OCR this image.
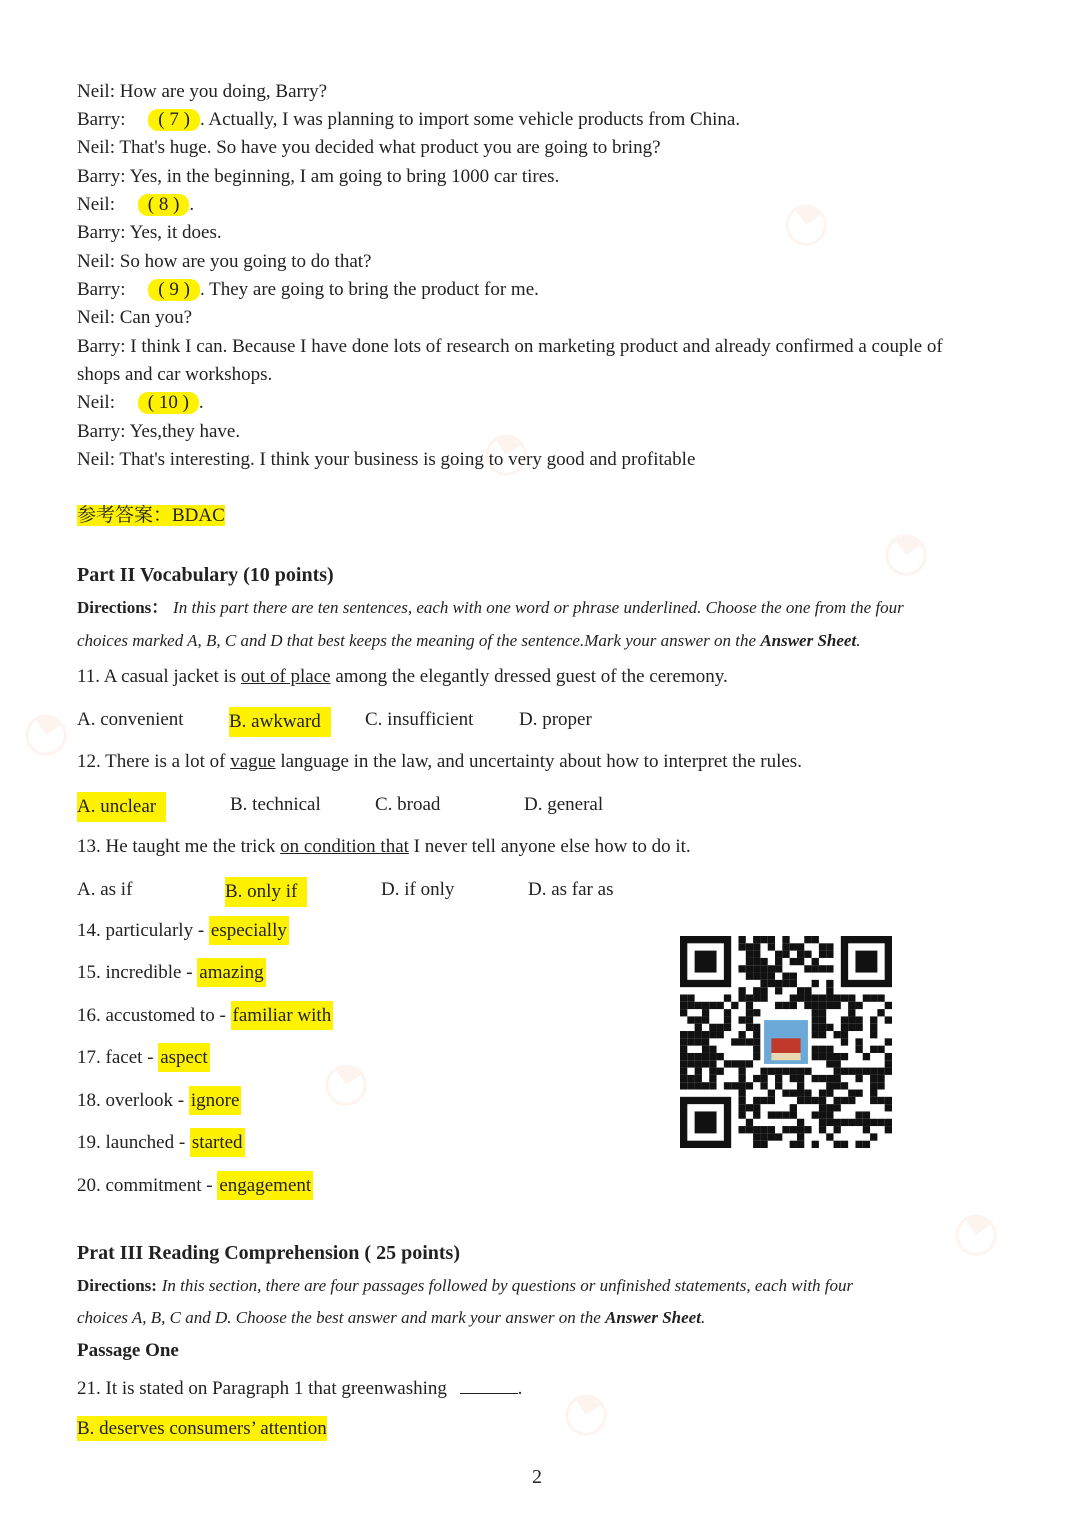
◔
◔
◔
◔
◔
◔
◔
Neil: How are you doing, Barry?
Barry: ( 7 ) . Actually, I was planning to import some vehicle products from China.
Neil: That's huge. So have you decided what product you are going to bring?
Barry: Yes, in the beginning, I am going to bring 1000 car tires.
Neil: ( 8 ) .
Barry: Yes, it does.
Neil: So how are you going to do that?
Barry: ( 9 ) . They are going to bring the product for me.
Neil: Can you?
Barry: I think I can. Because I have done lots of research on marketing product and already confirmed a couple of
shops and car workshops.
Neil: ( 10 ) .
Barry: Yes,they have.
Neil: That's interesting. I think your business is going to very good and profitable
参考答案：BDAC
Part II Vocabulary (10 points)
Directions： In this part there are ten sentences, each with one word or phrase underlined. Choose the one from the four
choices marked A, B, C and D that best keeps the meaning of the sentence.Mark your answer on the Answer Sheet.
11. A casual jacket is out of place among the elegantly dressed guest of the ceremony.
A. convenient B. awkward	C. insufficient D. proper
12. There is a lot of vague language in the law, and uncertainty about how to interpret the rules.
A. unclear	B. technical	C. broad	D. general
13. He taught me the trick on condition that I never tell anyone else how to do it.
A. as if	B. only if	D. if only	D. as far as
14. particularly - especially
15. incredible - amazing
16. accustomed to - familiar with
17. facet - aspect
18. overlook - ignore
19. launched - started
20. commitment - engagement
Prat III Reading Comprehension ( 25 points)
Directions: In this section, there are four passages followed by questions or unfinished statements, each with four
choices A, B, C and D. Choose the best answer and mark your answer on the Answer Sheet.
Passage One
21. It is stated on Paragraph 1 that greenwashing	.
B. deserves consumers’ attention
2
